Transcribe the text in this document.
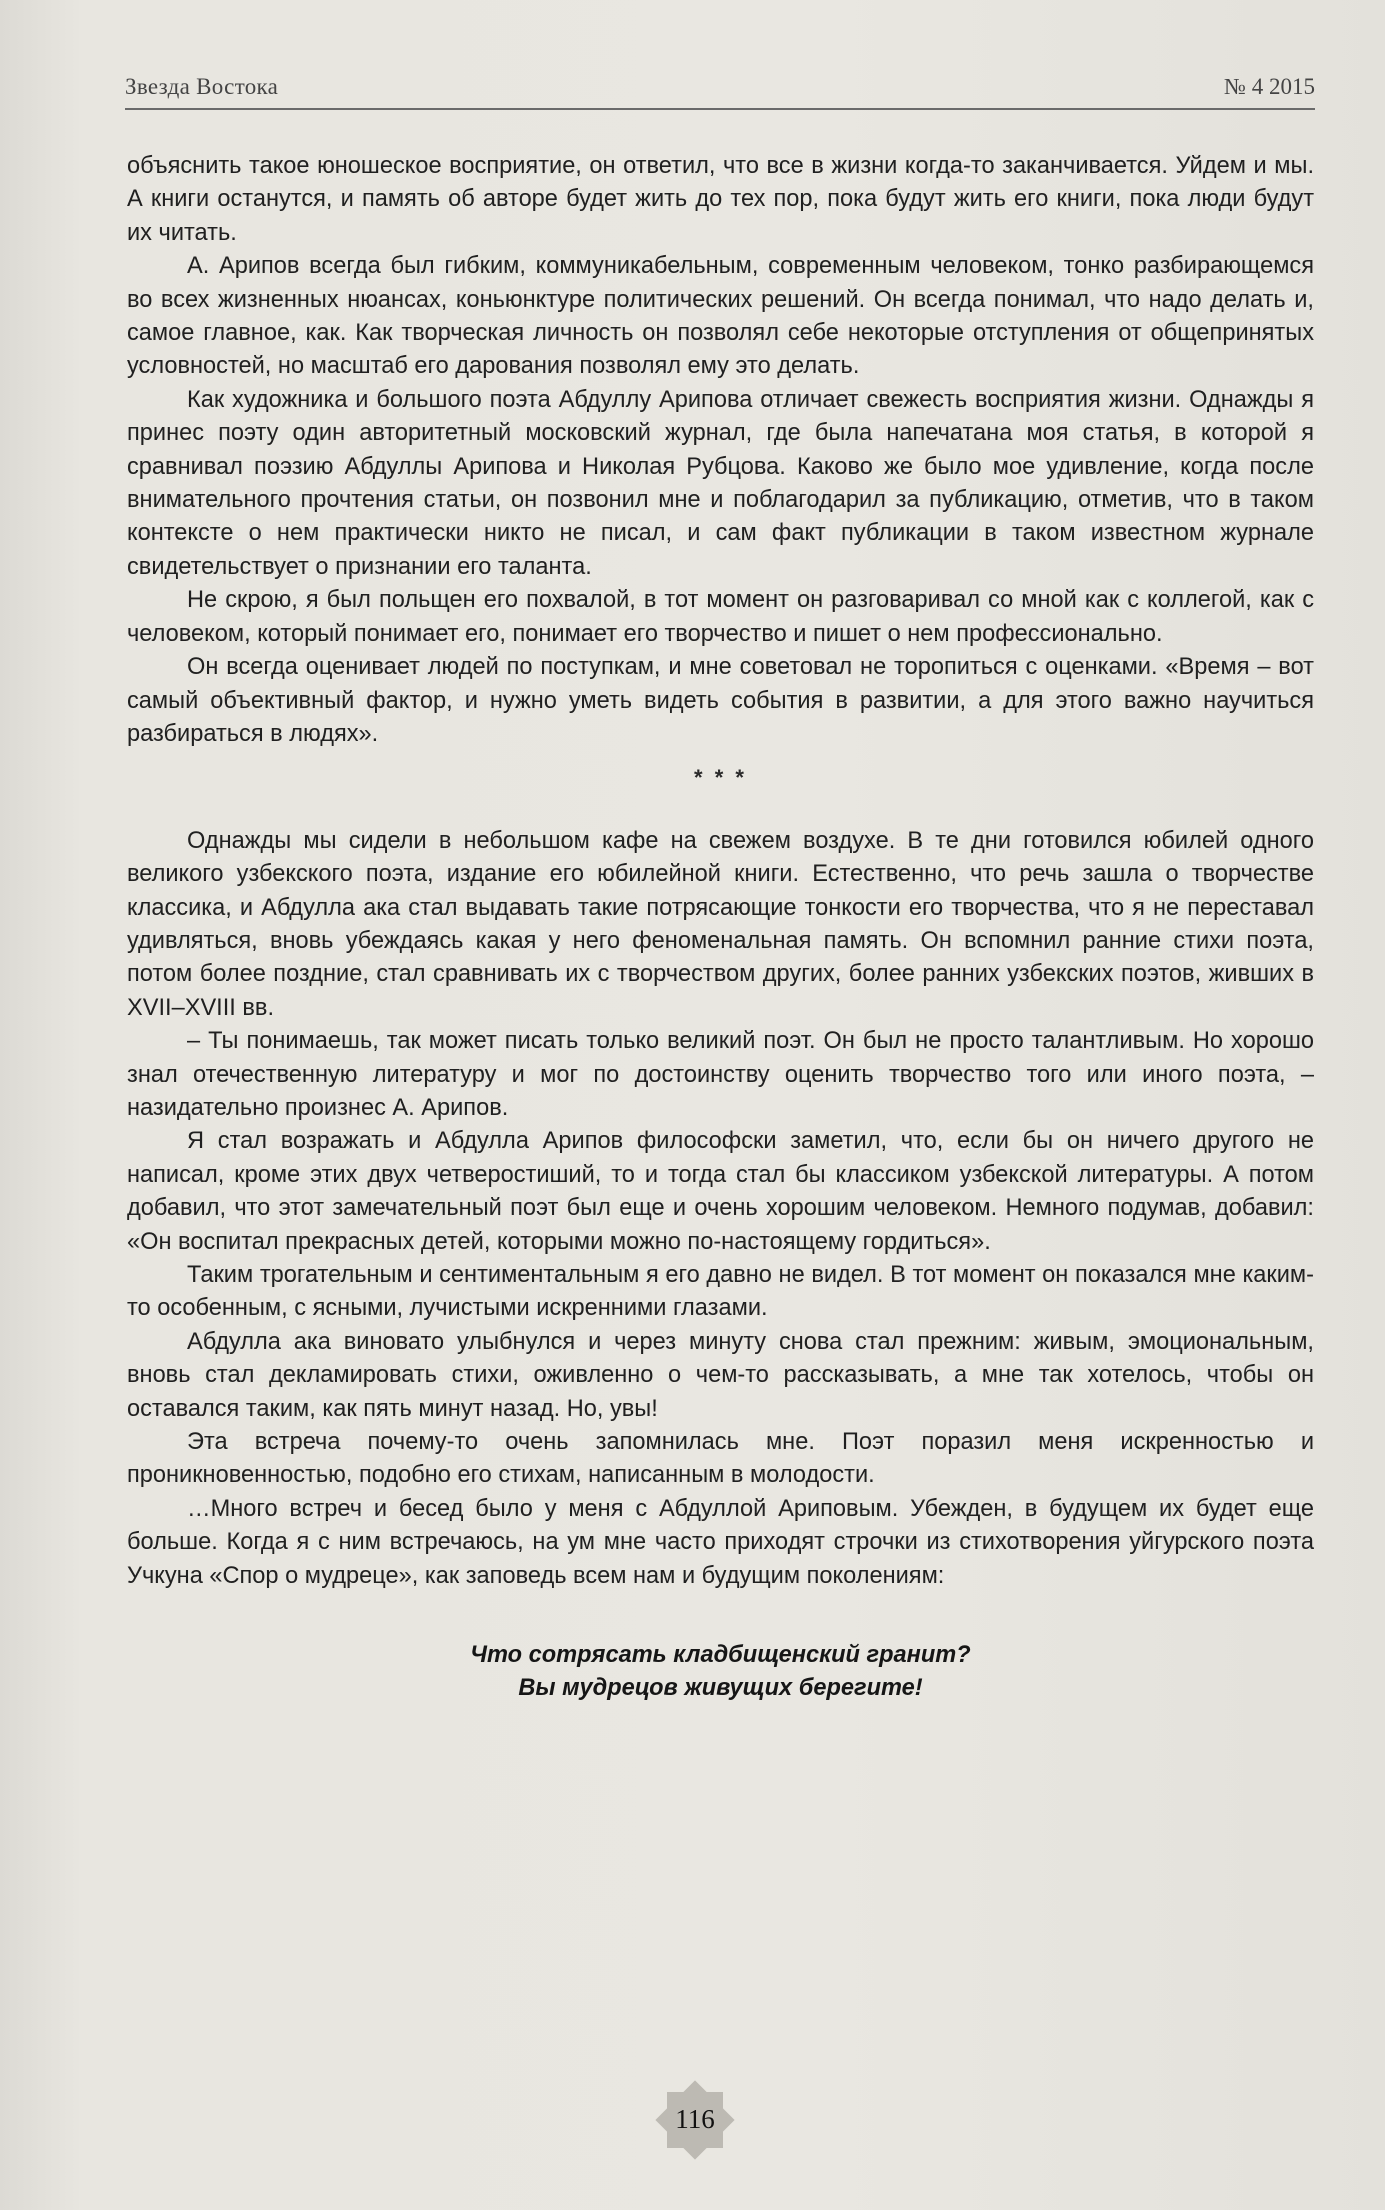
Звезда Востока	№ 4 2015

объяснить такое юношеское восприятие, он ответил, что все в жизни когда-то заканчивается. Уйдем и мы. А книги останутся, и память об авторе будет жить до тех пор, пока будут жить его книги, пока люди будут их читать.

А. Арипов всегда был гибким, коммуникабельным, современным человеком, тонко разбирающемся во всех жизненных нюансах, коньюнктуре политических решений. Он всегда понимал, что надо делать и, самое главное, как. Как творческая личность он позволял себе некоторые отступления от общепринятых условностей, но масштаб его дарования позволял ему это делать.

Как художника и большого поэта Абдуллу Арипова отличает свежесть восприятия жизни. Однажды я принес поэту один авторитетный московский журнал, где была напечатана моя статья, в которой я сравнивал поэзию Абдуллы Арипова и Николая Рубцова. Каково же было мое удивление, когда после внимательного прочтения статьи, он позвонил мне и поблагодарил за публикацию, отметив, что в таком контексте о нем практически никто не писал, и сам факт публикации в таком известном журнале свидетельствует о признании его таланта.

Не скрою, я был польщен его похвалой, в тот момент он разговаривал со мной как с коллегой, как с человеком, который понимает его, понимает его творчество и пишет о нем профессионально.

Он всегда оценивает людей по поступкам, и мне советовал не торопиться с оценками. «Время – вот самый объективный фактор, и нужно уметь видеть события в развитии, а для этого важно научиться разбираться в людях».

* * *

Однажды мы сидели в небольшом кафе на свежем воздухе. В те дни готовился юбилей одного великого узбекского поэта, издание его юбилейной книги. Естественно, что речь зашла о творчестве классика, и Абдулла ака стал выдавать такие потрясающие тонкости его творчества, что я не переставал удивляться, вновь убеждаясь какая у него феноменальная память. Он вспомнил ранние стихи поэта, потом более поздние, стал сравнивать их с творчеством других, более ранних узбекских поэтов, живших в XVII–XVIII вв.

– Ты понимаешь, так может писать только великий поэт. Он был не просто талантливым. Но хорошо знал отечественную литературу и мог по достоинству оценить творчество того или иного поэта, – назидательно произнес А. Арипов.

Я стал возражать и Абдулла Арипов философски заметил, что, если бы он ничего другого не написал, кроме этих двух четверостиший, то и тогда стал бы классиком узбекской литературы. А потом добавил, что этот замечательный поэт был еще и очень хорошим человеком. Немного подумав, добавил: «Он воспитал прекрасных детей, которыми можно по-настоящему гордиться».

Таким трогательным и сентиментальным я его давно не видел. В тот момент он показался мне каким-то особенным, с ясными, лучистыми искренними глазами.

Абдулла ака виновато улыбнулся и через минуту снова стал прежним: живым, эмоциональным, вновь стал декламировать стихи, оживленно о чем-то рассказывать, а мне так хотелось, чтобы он оставался таким, как пять минут назад. Но, увы!

Эта встреча почему-то очень запомнилась мне. Поэт поразил меня искренностью и проникновенностью, подобно его стихам, написанным в молодости.

…Много встреч и бесед было у меня с Абдуллой Ариповым. Убежден, в будущем их будет еще больше. Когда я с ним встречаюсь, на ум мне часто приходят строчки из стихотворения уйгурского поэта Учкуна «Спор о мудреце», как заповедь всем нам и будущим поколениям:

Что сотрясать кладбищенский гранит?
Вы мудрецов живущих берегите!
116
